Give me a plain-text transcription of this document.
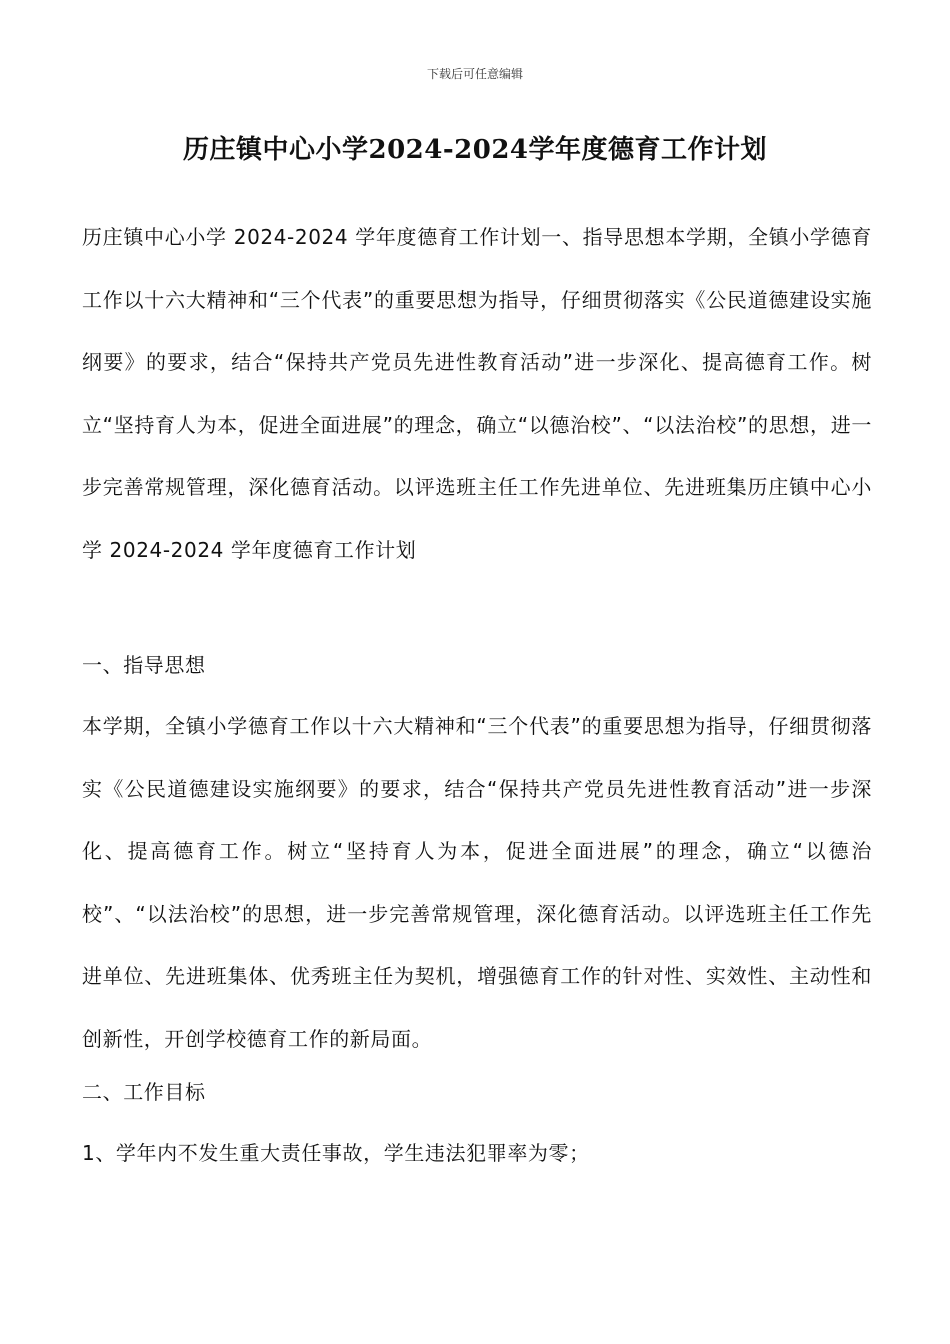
下载后可任意编辑
历庄镇中心小学2024-2024学年度德育工作计划
历庄镇中心小学 2024-2024 学年度德育工作计划一、指导思想本学期，全镇小学德育工作以十六大精神和“三个代表”的重要思想为指导，仔细贯彻落实《公民道德建设实施纲要》的要求，结合“保持共产党员先进性教育活动”进一步深化、提高德育工作。树立“坚持育人为本，促进全面进展”的理念，确立“以德治校”、“以法治校”的思想，进一步完善常规管理，深化德育活动。以评选班主任工作先进单位、先进班集历庄镇中心小学 2024-2024 学年度德育工作计划
一、指导思想
本学期，全镇小学德育工作以十六大精神和“三个代表”的重要思想为指导，仔细贯彻落实《公民道德建设实施纲要》的要求，结合“保持共产党员先进性教育活动”进一步深化、提高德育工作。树立“坚持育人为本，促进全面进展”的理念，确立“以德治校”、“以法治校”的思想，进一步完善常规管理，深化德育活动。以评选班主任工作先进单位、先进班集体、优秀班主任为契机，增强德育工作的针对性、实效性、主动性和创新性，开创学校德育工作的新局面。
二、工作目标
1、学年内不发生重大责任事故，学生违法犯罪率为零；
